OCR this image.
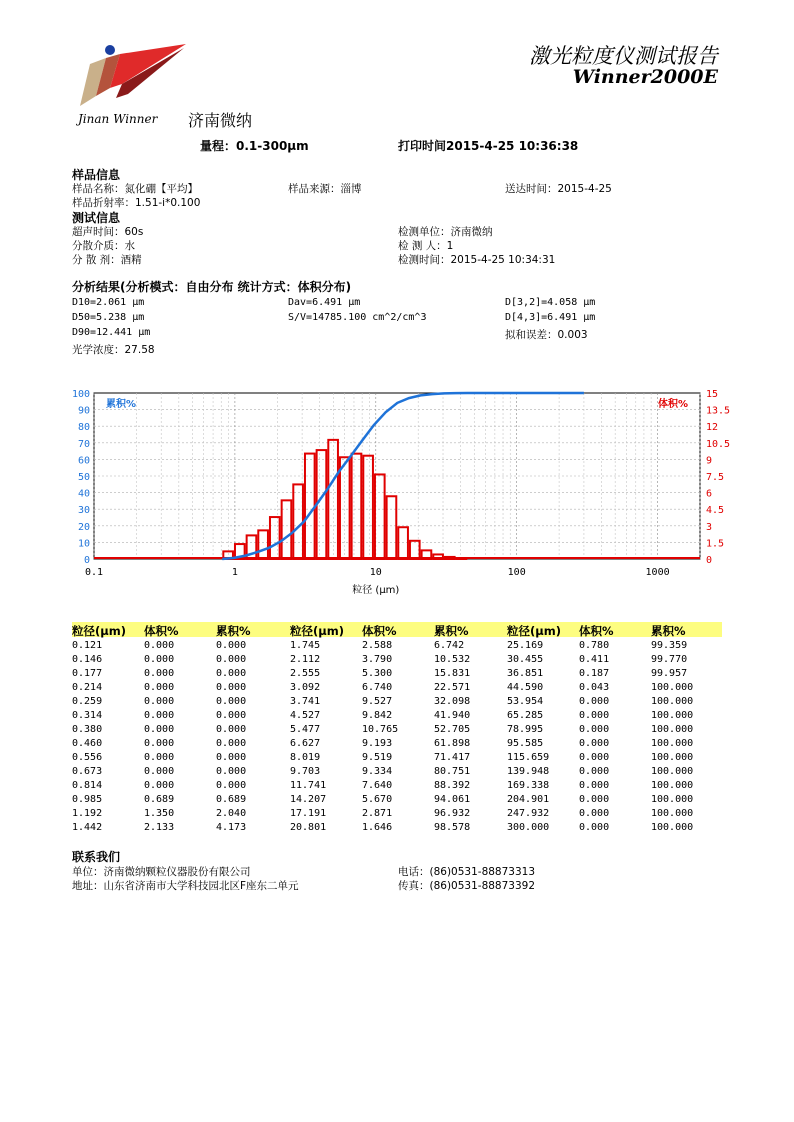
激光粒度仪测试报告
Winner2000E
Jinan Winner 济南微纳
量程：0.1-300μm	打印时间2015-4-25 10:36:38
样品信息
样品名称：氮化硼【平均】	样品来源：淄博	送达时间：2015-4-25
样品折射率：1.51-i*0.100
测试信息
超声时间：60s
分散介质：水
分 散 剂：酒精
检测单位：济南微纳
检 测 人：1
检测时间：2015-4-25 10:34:31
分析结果(分析模式：自由分布 统计方式：体积分布)
D10=2.061 μm
D50=5.238 μm
D90=12.441 μm
光学浓度：27.58
Dav=6.491 μm
S/V=14785.100 cm^2/cm^3
D[3,2]=4.058 μm
D[4,3]=6.491 μm
拟和误差：0.003
0
10
20
30
40
50
60
70
80
90
100
0
1.5
3
4.5
6
7.5
9
10.5
12
13.5
15
0.1	1	10	100	1000
累积%	体积%
粒径 (μm)
粒径(μm) 体积%	累积%	粒径(μm) 体积%	累积%	粒径(μm) 体积%	累积%
0.121	0.000	0.000	1.745	2.588	6.742	25.169	0.780	99.359
0.146	0.000	0.000	2.112	3.790	10.532	30.455	0.411	99.770
0.177	0.000	0.000	2.555	5.300	15.831	36.851	0.187	99.957
0.214	0.000	0.000	3.092	6.740	22.571	44.590	0.043	100.000
0.259	0.000	0.000	3.741	9.527	32.098	53.954	0.000	100.000
0.314	0.000	0.000	4.527	9.842	41.940	65.285	0.000	100.000
0.380	0.000	0.000	5.477	10.765	52.705	78.995	0.000	100.000
0.460	0.000	0.000	6.627	9.193	61.898	95.585	0.000	100.000
0.556	0.000	0.000	8.019	9.519	71.417	115.659	0.000	100.000
0.673	0.000	0.000	9.703	9.334	80.751	139.948	0.000	100.000
0.814	0.000	0.000	11.741	7.640	88.392	169.338	0.000	100.000
0.985	0.689	0.689	14.207	5.670	94.061	204.901	0.000	100.000
1.192	1.350	2.040	17.191	2.871	96.932	247.932	0.000	100.000
1.442	2.133	4.173	20.801	1.646	98.578	300.000	0.000	100.000
联系我们
单位：济南微纳颗粒仪器股份有限公司
地址：山东省济南市大学科技园北区F座东二单元
电话：(86)0531-88873313
传真：(86)0531-88873392
